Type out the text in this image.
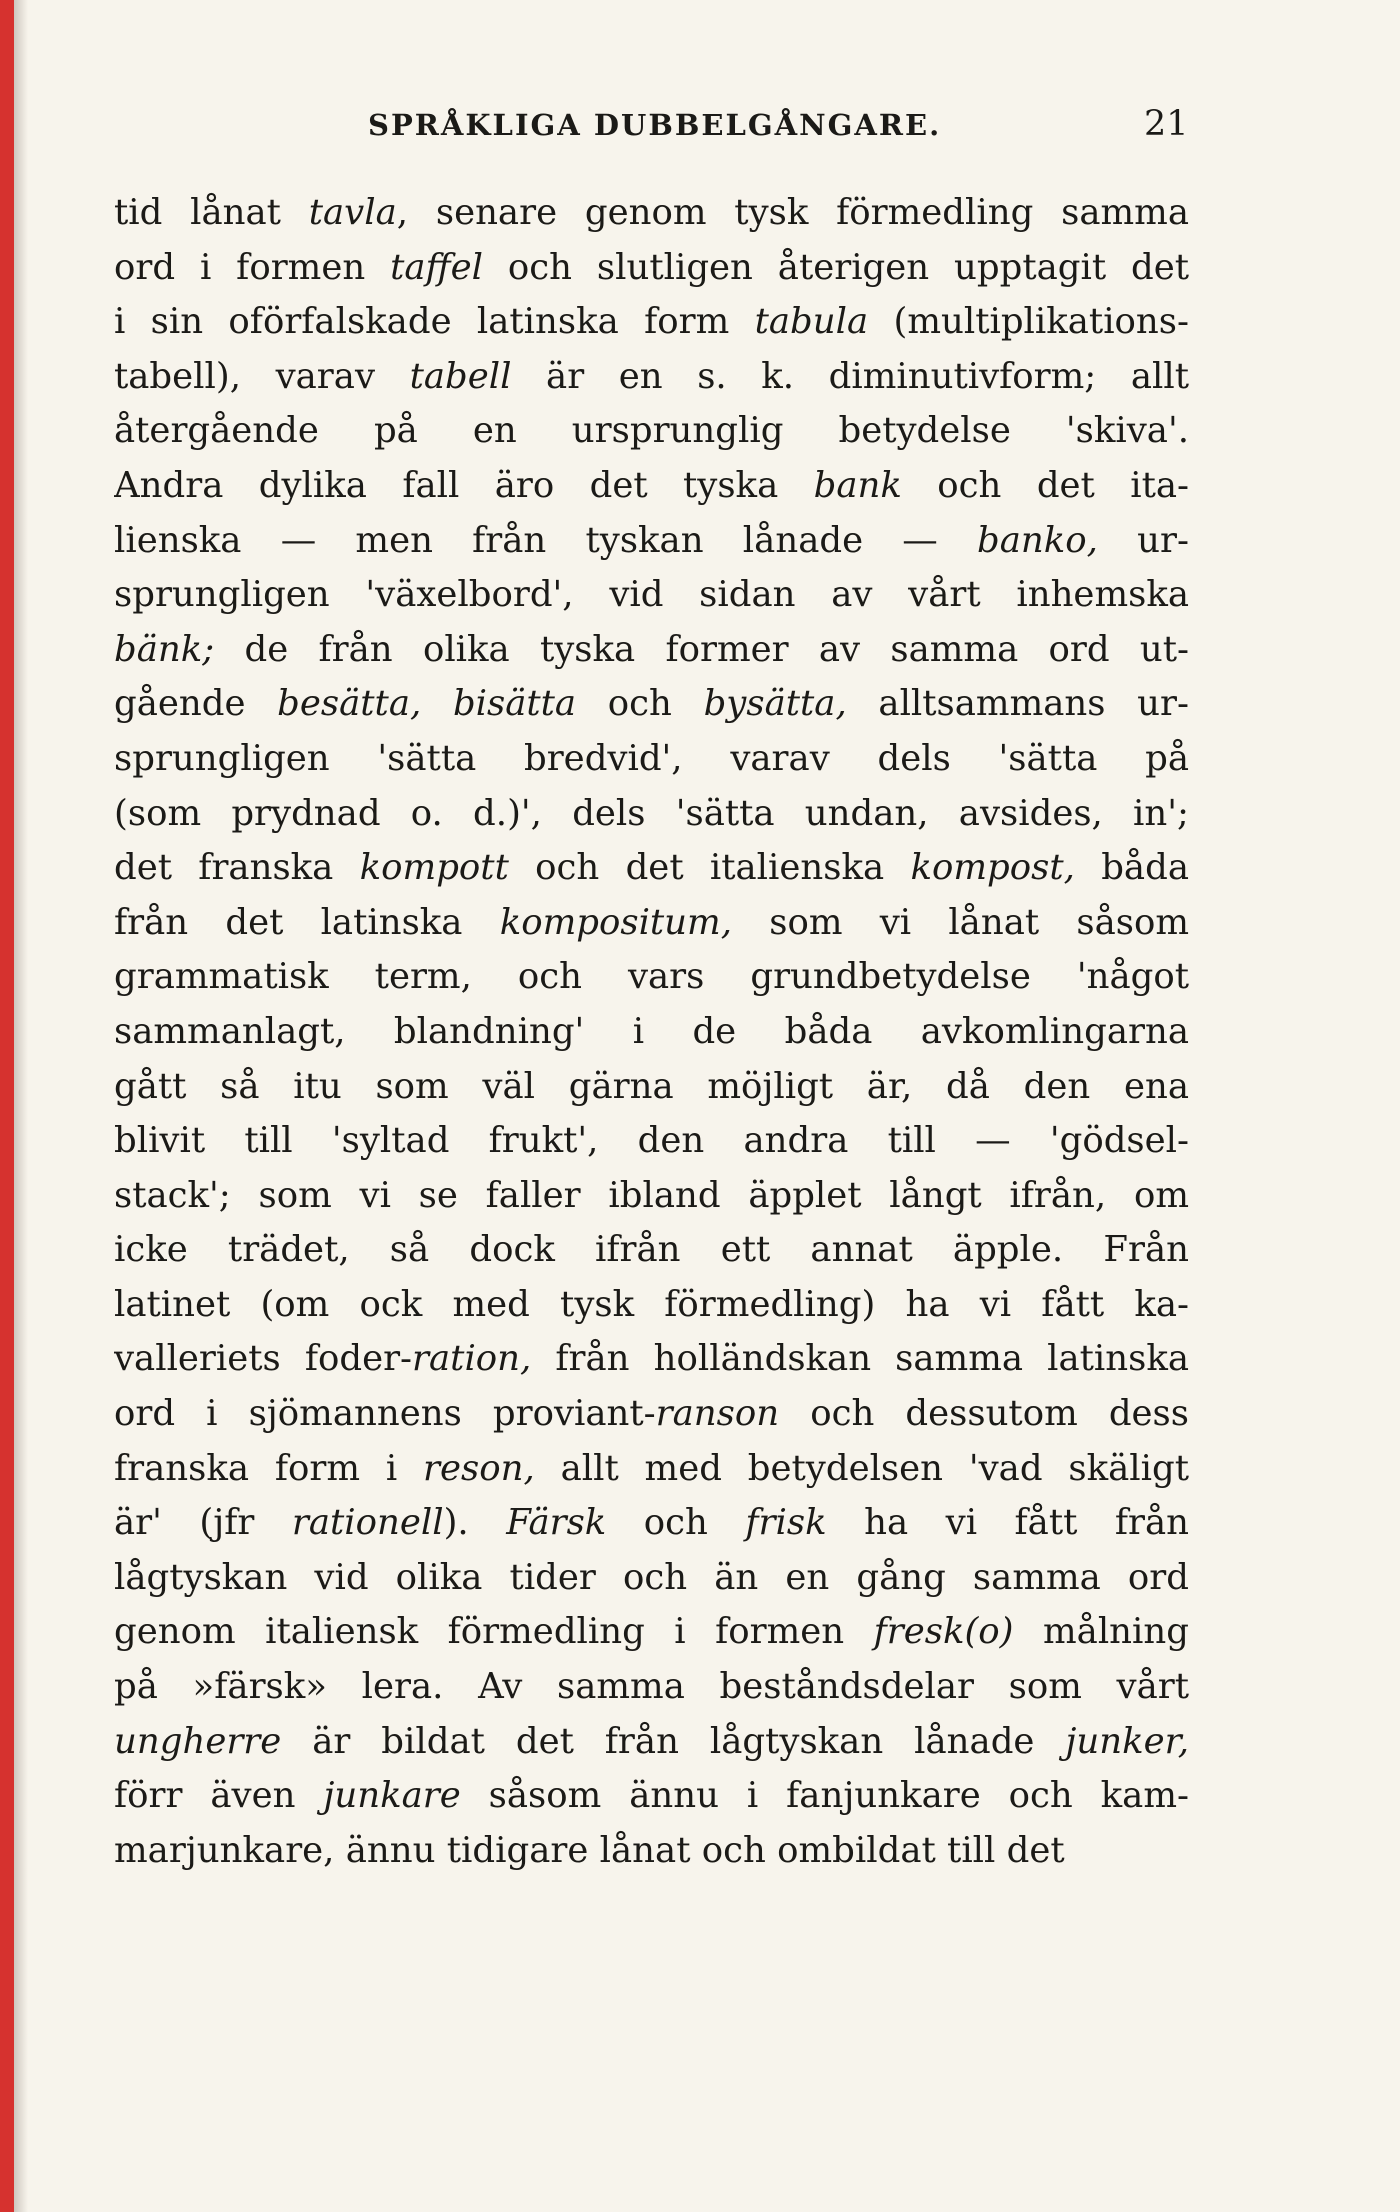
SPRÅKLIGA DUBBELGÅNGARE.	21
tid lånat tavla, senare genom tysk förmedling samma
ord i formen taffel och slutligen återigen upptagit det
i sin oförfalskade latinska form tabula (multiplikations-
tabell), varav tabell är en s. k. diminutivform; allt
återgående på en ursprunglig betydelse 'skiva'.
Andra dylika fall äro det tyska bank och det ita-
lienska — men från tyskan lånade — banko, ur-
sprungligen 'växelbord', vid sidan av vårt inhemska
bänk; de från olika tyska former av samma ord ut-
gående besätta, bisätta och bysätta, alltsammans ur-
sprungligen 'sätta bredvid', varav dels 'sätta på
(som prydnad o. d.)', dels 'sätta undan, avsides, in';
det franska kompott och det italienska kompost, båda
från det latinska kompositum, som vi lånat såsom
grammatisk term, och vars grundbetydelse 'något
sammanlagt, blandning' i de båda avkomlingarna
gått så itu som väl gärna möjligt är, då den ena
blivit till 'syltad frukt', den andra till — 'gödsel-
stack'; som vi se faller ibland äpplet långt ifrån, om
icke trädet, så dock ifrån ett annat äpple. Från
latinet (om ock med tysk förmedling) ha vi fått ka-
valleriets foder-ration, från holländskan samma latinska
ord i sjömannens proviant-ranson och dessutom dess
franska form i reson, allt med betydelsen 'vad skäligt
är' (jfr rationell). Färsk och frisk ha vi fått från
lågtyskan vid olika tider och än en gång samma ord
genom italiensk förmedling i formen fresk(o) målning
på »färsk» lera. Av samma beståndsdelar som vårt
ungherre är bildat det från lågtyskan lånade junker,
förr även junkare såsom ännu i fanjunkare och kam-
marjunkare, ännu tidigare lånat och ombildat till det
